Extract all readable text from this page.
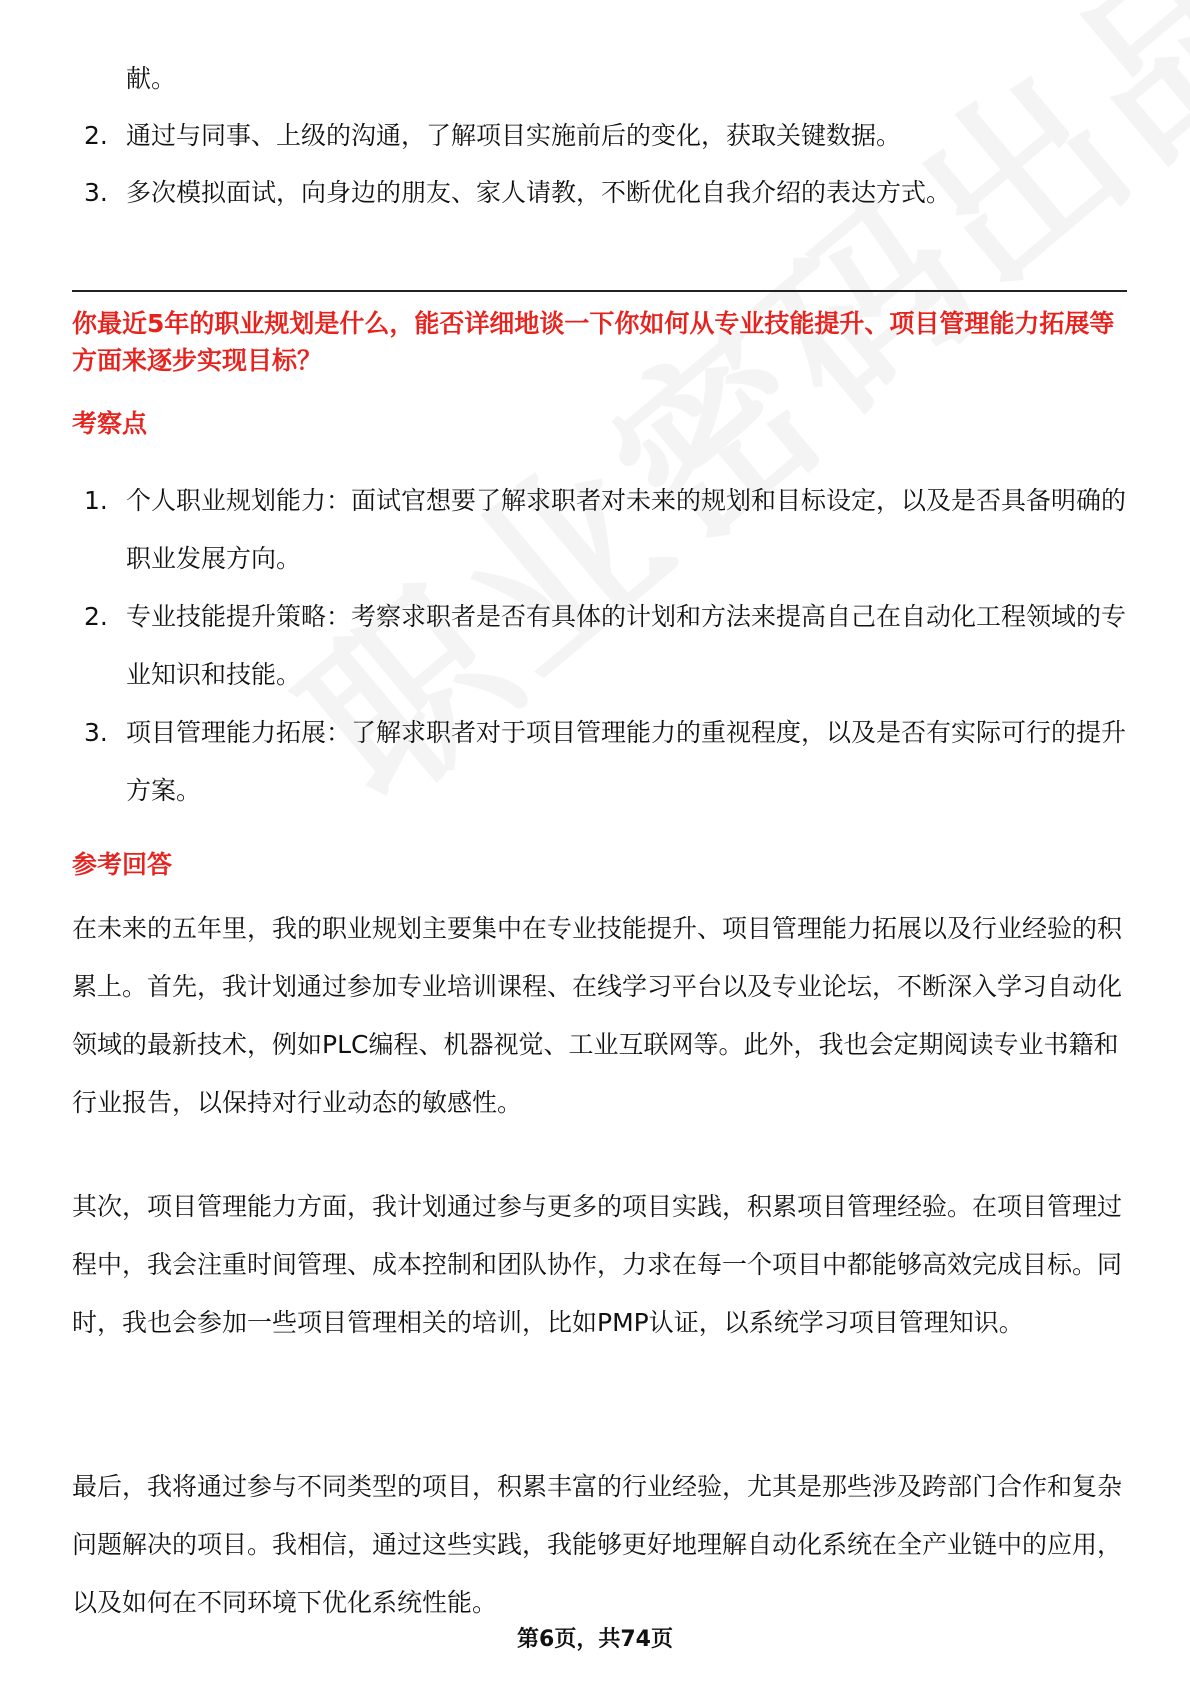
献。
2. 通过与同事、上级的沟通，了解项目实施前后的变化，获取关键数据。
3. 多次模拟面试，向身边的朋友、家人请教，不断优化自我介绍的表达方式。
你最近5年的职业规划是什么，能否详细地谈一下你如何从专业技能提升、项目管理能力拓展等方面来逐步实现目标？
考察点
1. 个人职业规划能力：面试官想要了解求职者对未来的规划和目标设定，以及是否具备明确的职业发展方向。
2. 专业技能提升策略：考察求职者是否有具体的计划和方法来提高自己在自动化工程领域的专业知识和技能。
3. 项目管理能力拓展：了解求职者对于项目管理能力的重视程度，以及是否有实际可行的提升方案。
参考回答

在未来的五年里，我的职业规划主要集中在专业技能提升、项目管理能力拓展以及行业经验的积累上。首先，我计划通过参加专业培训课程、在线学习平台以及专业论坛，不断深入学习自动化领域的最新技术，例如PLC编程、机器视觉、工业互联网等。此外，我也会定期阅读专业书籍和行业报告，以保持对行业动态的敏感性。

其次，项目管理能力方面，我计划通过参与更多的项目实践，积累项目管理经验。在项目管理过程中，我会注重时间管理、成本控制和团队协作，力求在每一个项目中都能够高效完成目标。同时，我也会参加一些项目管理相关的培训，比如PMP认证，以系统学习项目管理知识。

最后，我将通过参与不同类型的项目，积累丰富的行业经验，尤其是那些涉及跨部门合作和复杂问题解决的项目。我相信，通过这些实践，我能够更好地理解自动化系统在全产业链中的应用，以及如何在不同环境下优化系统性能。

第6页，共74页
